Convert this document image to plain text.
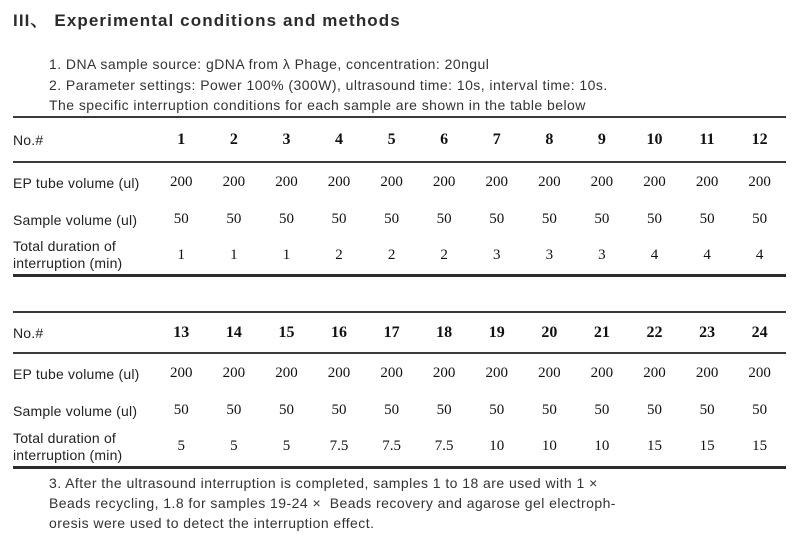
III、 Experimental conditions and methods
1. DNA sample source: gDNA from λ Phage, concentration: 20ngul
2. Parameter settings: Power 100% (300W), ultrasound time: 10s, interval time: 10s.
The specific interruption conditions for each sample are shown in the table below
No.#	1	2	3	4	5	6	7	8	9	10	11	12
EP tube volume (ul)	200	200	200	200	200	200	200	200	200	200	200	200
Sample volume (ul)	50	50	50	50	50	50	50	50	50	50	50	50

Total duration of
interruption (min)	1	1	1	2	2	2	3	3	3	4	4	4
No.#	13	14	15	16	17	18	19	20	21	22	23	24
EP tube volume (ul)	200	200	200	200	200	200	200	200	200	200	200	200
Sample volume (ul)	50	50	50	50	50	50	50	50	50	50	50	50

Total duration of
interruption (min)	5	5	5	7.5	7.5	7.5	10	10	10	15	15	15
3. After the ultrasound interruption is completed, samples 1 to 18 are used with 1 ×
Beads recycling, 1.8 for samples 19-24 ×  Beads recovery and agarose gel electroph-
oresis were used to detect the interruption effect.
